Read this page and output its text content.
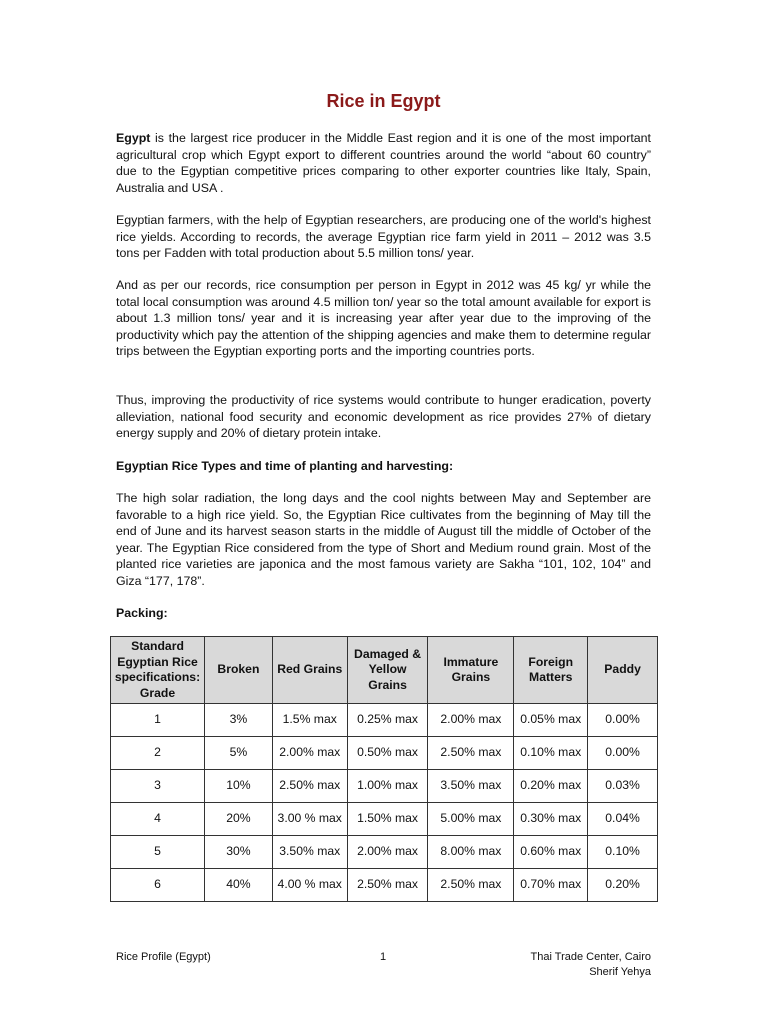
Rice in Egypt

Egypt is the largest rice producer in the Middle East region and it is one of the most important agricultural crop which Egypt export to different countries around the world “about 60 country” due to the Egyptian competitive prices comparing to other exporter countries like Italy, Spain, Australia and USA .

Egyptian farmers, with the help of Egyptian researchers, are producing one of the world's highest rice yields. According to records, the average Egyptian rice farm yield in 2011 – 2012 was 3.5 tons per Fadden with total production about 5.5 million tons/ year.

And as per our records, rice consumption per person in Egypt in 2012 was 45 kg/ yr while the total local consumption was around 4.5 million ton/ year so the total amount available for export is about 1.3 million tons/ year and it is increasing year after year due to the improving of the productivity which pay the attention of the shipping agencies and make them to determine regular trips between the Egyptian exporting ports and the importing countries ports.

Thus, improving the productivity of rice systems would contribute to hunger eradication, poverty alleviation, national food security and economic development as rice provides 27% of dietary energy supply and 20% of dietary protein intake.

Egyptian Rice Types and time of planting and harvesting:

The high solar radiation, the long days and the cool nights between May and September are favorable to a high rice yield. So, the Egyptian Rice cultivates from the beginning of May till the end of June and its harvest season starts in the middle of August till the middle of October of the year. The Egyptian Rice considered from the type of Short and Medium round grain. Most of the planted rice varieties are japonica and the most famous variety are Sakha “101, 102, 104” and Giza “177, 178”.

Packing:

Standard Egyptian Rice specifications: Grade	Broken	Red Grains	Damaged & Yellow Grains	Immature Grains	Foreign Matters	Paddy
1	3%	1.5% max	0.25% max	2.00% max	0.05% max	0.00%
2	5%	2.00% max	0.50% max	2.50% max	0.10% max	0.00%
3	10%	2.50% max	1.00% max	3.50% max	0.20% max	0.03%
4	20%	3.00 % max	1.50% max	5.00% max	0.30% max	0.04%
5	30%	3.50% max	2.00% max	8.00% max	0.60% max	0.10%
6	40%	4.00 % max	2.50% max	2.50% max	0.70% max	0.20%
Rice Profile (Egypt)	1	Thai Trade Center, Cairo
Sherif Yehya
